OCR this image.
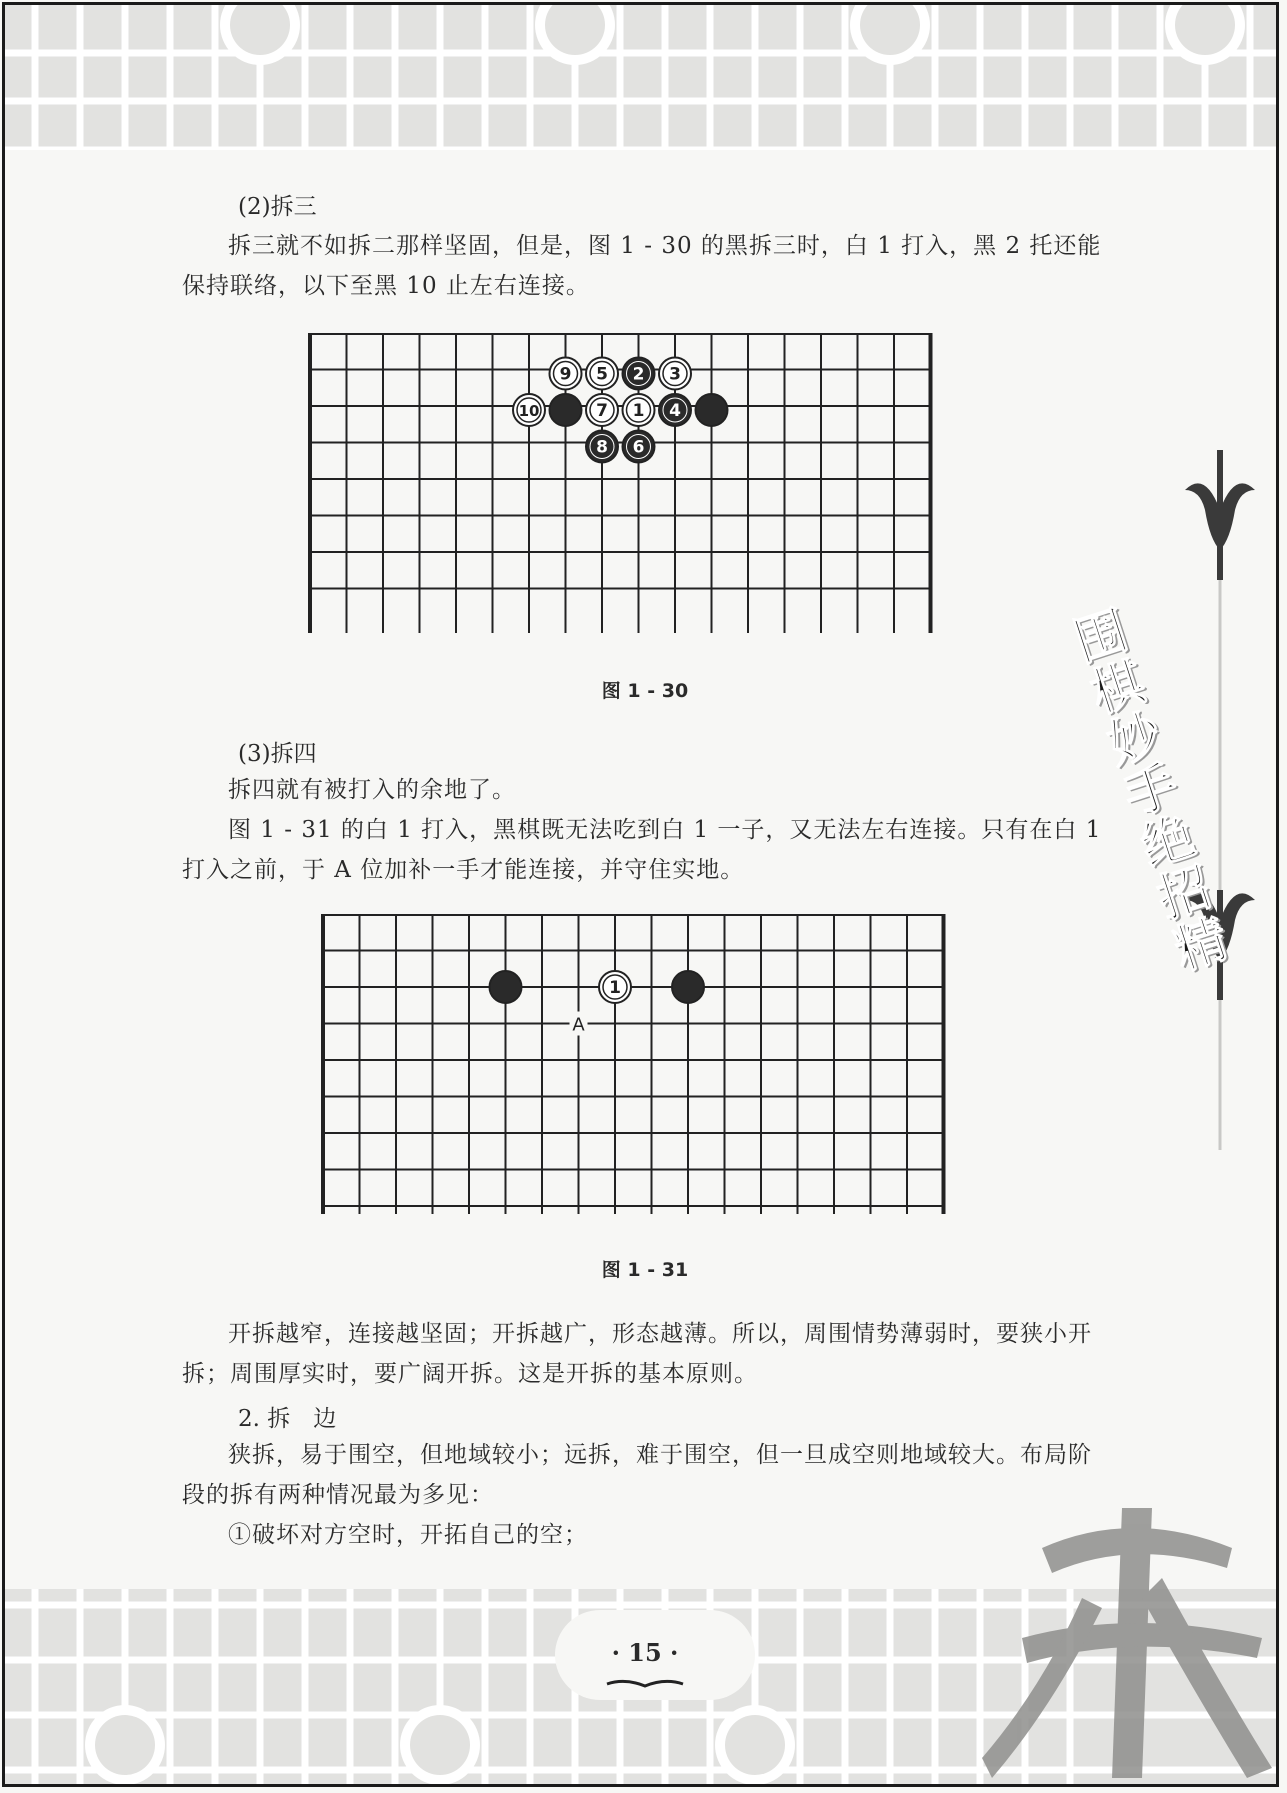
围棋妙手绝招精
(2)拆三

拆三就不如拆二那样坚固，但是，图 1 - 30 的黑拆三时，白 1 打入，黑 2 托还能保持联络，以下至黑 10 止左右连接。

9 5 2 3
10	7 1 4
8 6
图 1 - 30
(3)拆四

拆四就有被打入的余地了。

图 1 - 31 的白 1 打入，黑棋既无法吃到白 1 一子，又无法左右连接。只有在白 1 打入之前，于 A 位加补一手才能连接，并守住实地。

1
A
图 1 - 31

开拆越窄，连接越坚固；开拆越广，形态越薄。所以，周围情势薄弱时，要狭小开拆；周围厚实时，要广阔开拆。这是开拆的基本原则。

2. 拆　边

狭拆，易于围空，但地域较小；远拆，难于围空，但一旦成空则地域较大。布局阶段的拆有两种情况最为多见：

①破坏对方空时，开拓自己的空；

· 15 ·
